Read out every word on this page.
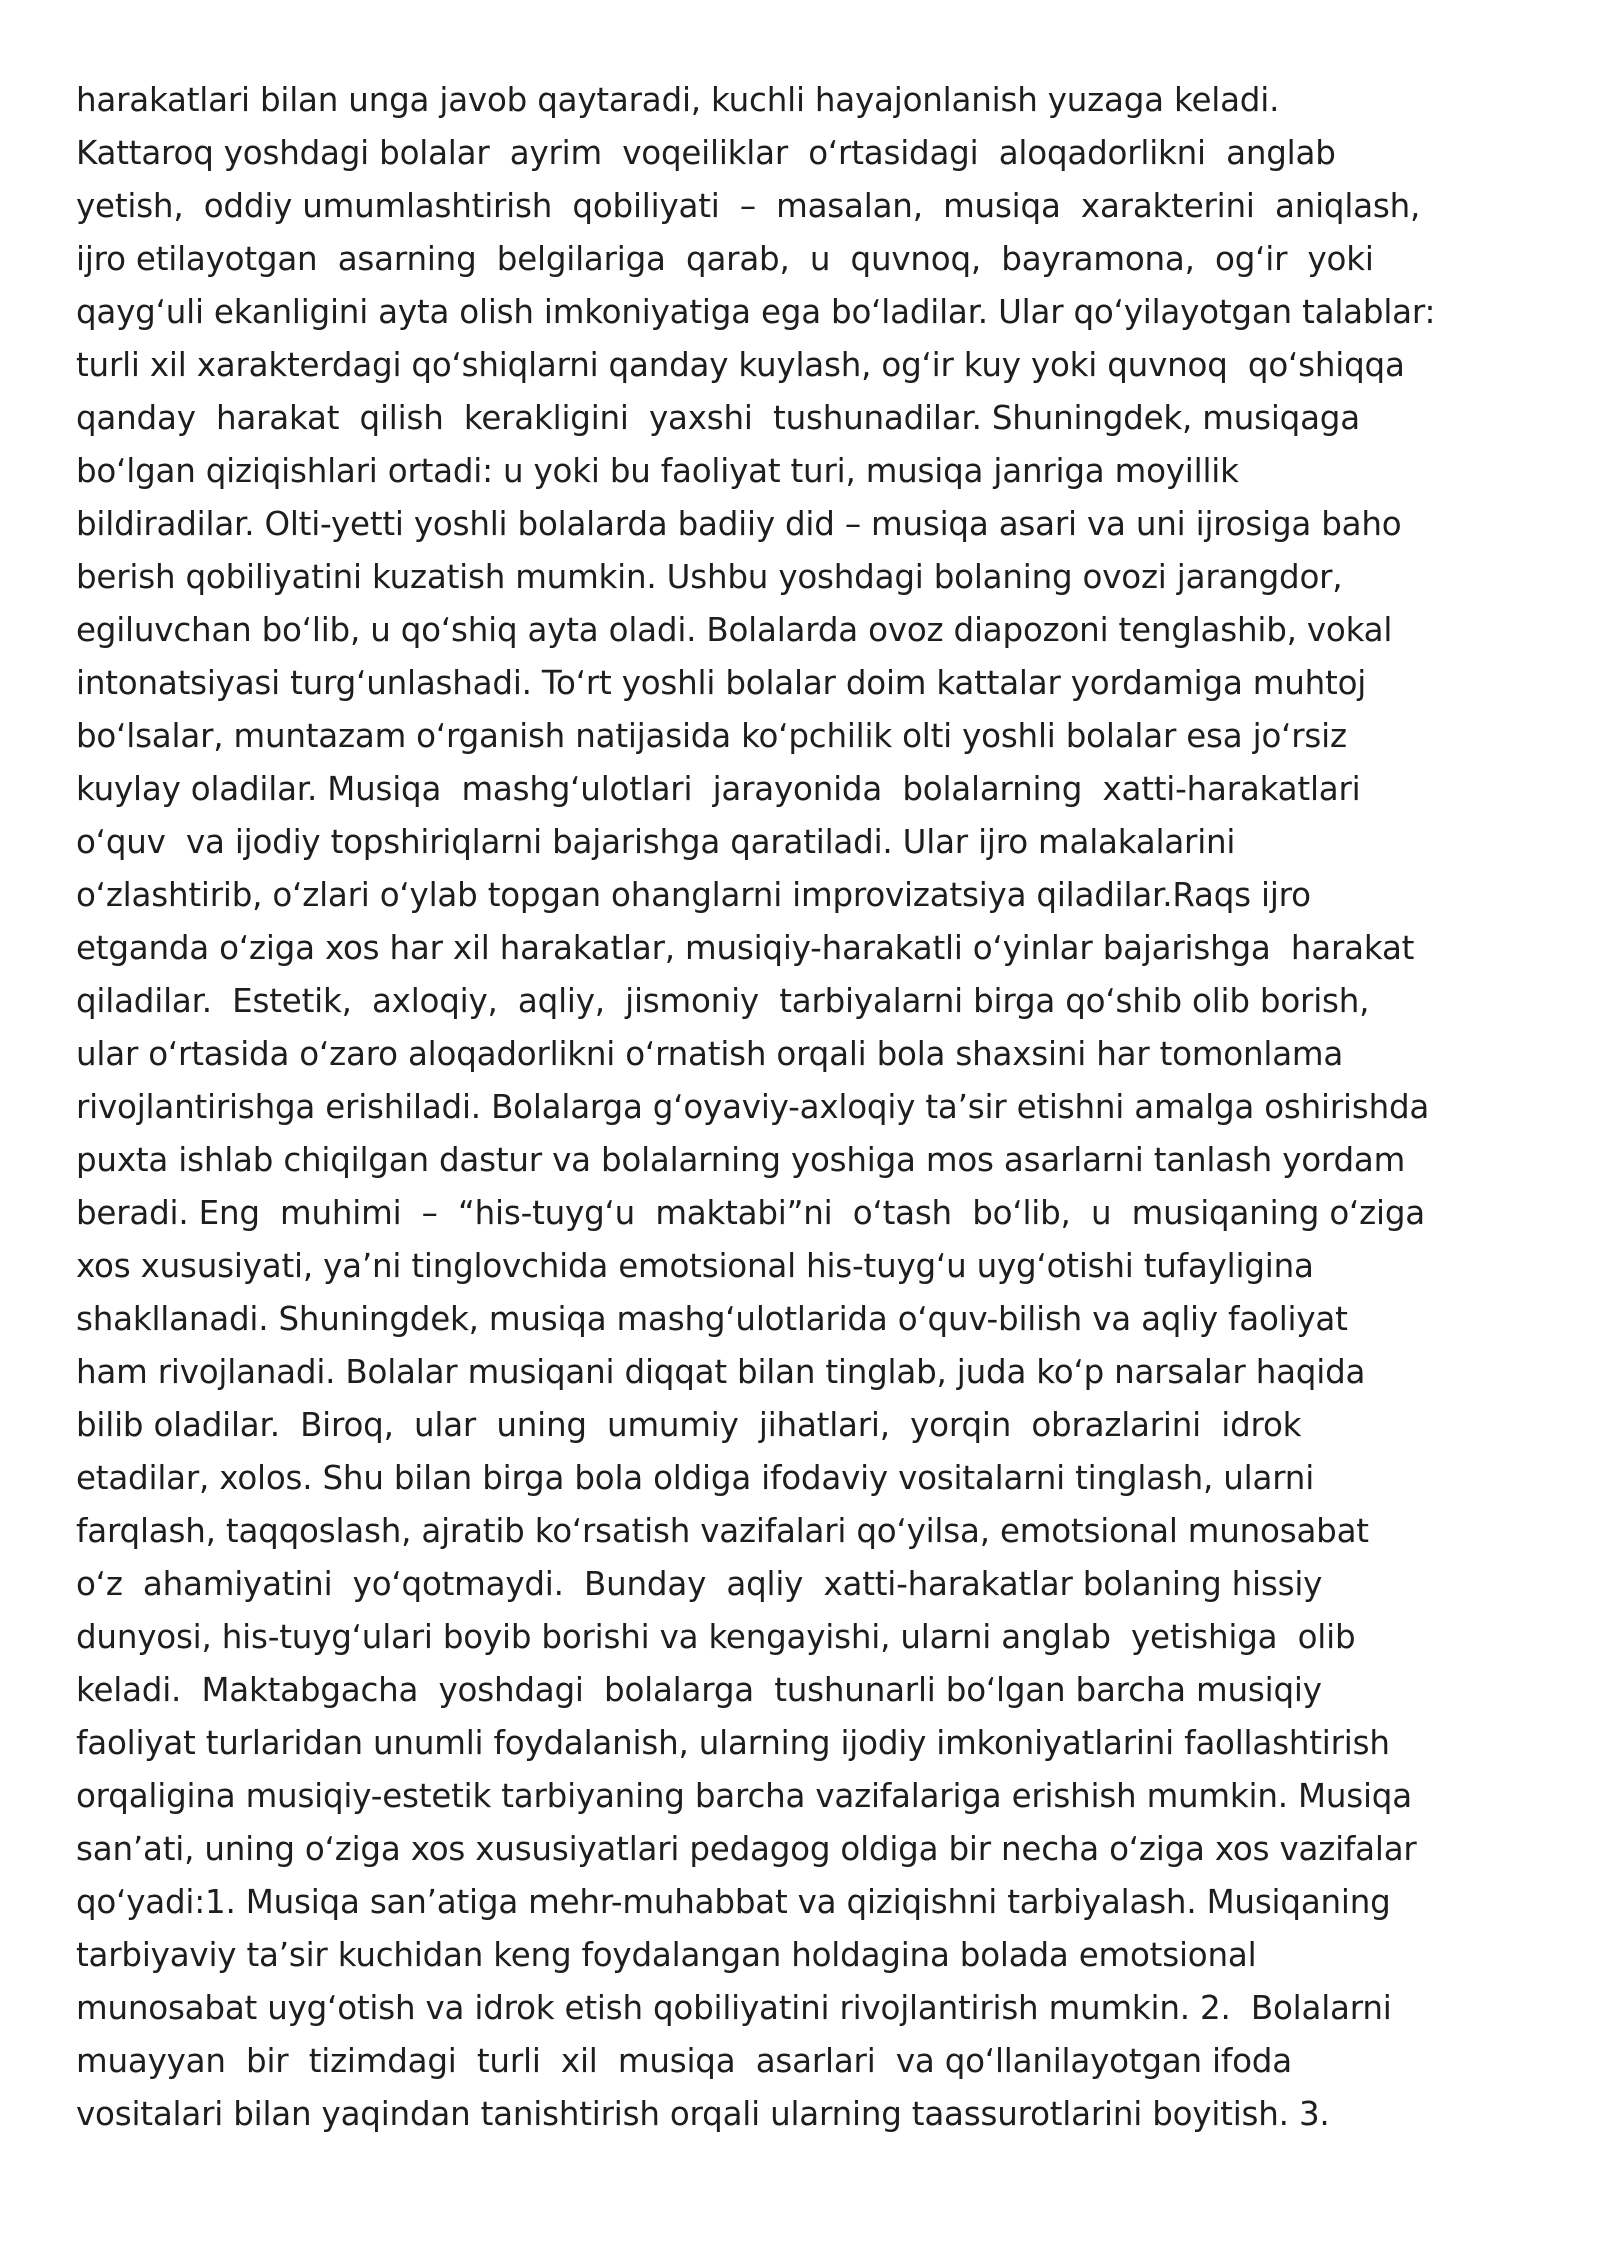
harakatlari bilan unga javob qaytaradi, kuchli hayajonlanish yuzaga keladi.
Kattaroq yoshdagi bolalar  ayrim  voqeiliklar  o‘rtasidagi  aloqadorlikni  anglab
yetish,  oddiy umumlashtirish  qobiliyati  –  masalan,  musiqa  xarakterini  aniqlash,
ijro etilayotgan  asarning  belgilariga  qarab,  u  quvnoq,  bayramona,  og‘ir  yoki
qayg‘uli ekanligini ayta olish imkoniyatiga ega bo‘ladilar. Ular qo‘yilayotgan talablar:
turli xil xarakterdagi qo‘shiqlarni qanday kuylash, og‘ir kuy yoki quvnoq  qo‘shiqqa
qanday  harakat  qilish  kerakligini  yaxshi  tushunadilar. Shuningdek, musiqaga
bo‘lgan qiziqishlari ortadi: u yoki bu faoliyat turi, musiqa janriga moyillik
bildiradilar. Olti-yetti yoshli bolalarda badiiy did – musiqa asari va uni ijrosiga baho
berish qobiliyatini kuzatish mumkin. Ushbu yoshdagi bolaning ovozi jarangdor,
egiluvchan bo‘lib, u qo‘shiq ayta oladi. Bolalarda ovoz diapozoni tenglashib, vokal
intonatsiyasi turg‘unlashadi. To‘rt yoshli bolalar doim kattalar yordamiga muhtoj
bo‘lsalar, muntazam o‘rganish natijasida ko‘pchilik olti yoshli bolalar esa jo‘rsiz
kuylay oladilar. Musiqa  mashg‘ulotlari  jarayonida  bolalarning  xatti-harakatlari
o‘quv  va ijodiy topshiriqlarni bajarishga qaratiladi. Ular ijro malakalarini
o‘zlashtirib, o‘zlari o‘ylab topgan ohanglarni improvizatsiya qiladilar.Raqs ijro
etganda o‘ziga xos har xil harakatlar, musiqiy-harakatli o‘yinlar bajarishga  harakat
qiladilar.  Estetik,  axloqiy,  aqliy,  jismoniy  tarbiyalarni birga qo‘shib olib borish,
ular o‘rtasida o‘zaro aloqadorlikni o‘rnatish orqali bola shaxsini har tomonlama
rivojlantirishga erishiladi. Bolalarga g‘oyaviy-axloqiy ta’sir etishni amalga oshirishda
puxta ishlab chiqilgan dastur va bolalarning yoshiga mos asarlarni tanlash yordam
beradi. Eng  muhimi  –  “his-tuyg‘u  maktabi”ni  o‘tash  bo‘lib,  u  musiqaning o‘ziga
xos xususiyati, ya’ni tinglovchida emotsional his-tuyg‘u uyg‘otishi tufayligina
shakllanadi. Shuningdek, musiqa mashg‘ulotlarida o‘quv-bilish va aqliy faoliyat
ham rivojlanadi. Bolalar musiqani diqqat bilan tinglab, juda ko‘p narsalar haqida
bilib oladilar.  Biroq,  ular  uning  umumiy  jihatlari,  yorqin  obrazlarini  idrok
etadilar, xolos. Shu bilan birga bola oldiga ifodaviy vositalarni tinglash, ularni
farqlash, taqqoslash, ajratib ko‘rsatish vazifalari qo‘yilsa, emotsional munosabat
o‘z  ahamiyatini  yo‘qotmaydi.  Bunday  aqliy  xatti-harakatlar bolaning hissiy
dunyosi, his-tuyg‘ulari boyib borishi va kengayishi, ularni anglab  yetishiga  olib
keladi.  Maktabgacha  yoshdagi  bolalarga  tushunarli bo‘lgan barcha musiqiy
faoliyat turlaridan unumli foydalanish, ularning ijodiy imkoniyatlarini faollashtirish
orqaligina musiqiy-estetik tarbiyaning barcha vazifalariga erishish mumkin. Musiqa
san’ati, uning o‘ziga xos xususiyatlari pedagog oldiga bir necha o‘ziga xos vazifalar
qo‘yadi:1. Musiqa san’atiga mehr-muhabbat va qiziqishni tarbiyalash. Musiqaning
tarbiyaviy ta’sir kuchidan keng foydalangan holdagina bolada emotsional
munosabat uyg‘otish va idrok etish qobiliyatini rivojlantirish mumkin. 2.  Bolalarni
muayyan  bir  tizimdagi  turli  xil  musiqa  asarlari  va qo‘llanilayotgan ifoda
vositalari bilan yaqindan tanishtirish orqali ularning taassurotlarini boyitish. 3.
